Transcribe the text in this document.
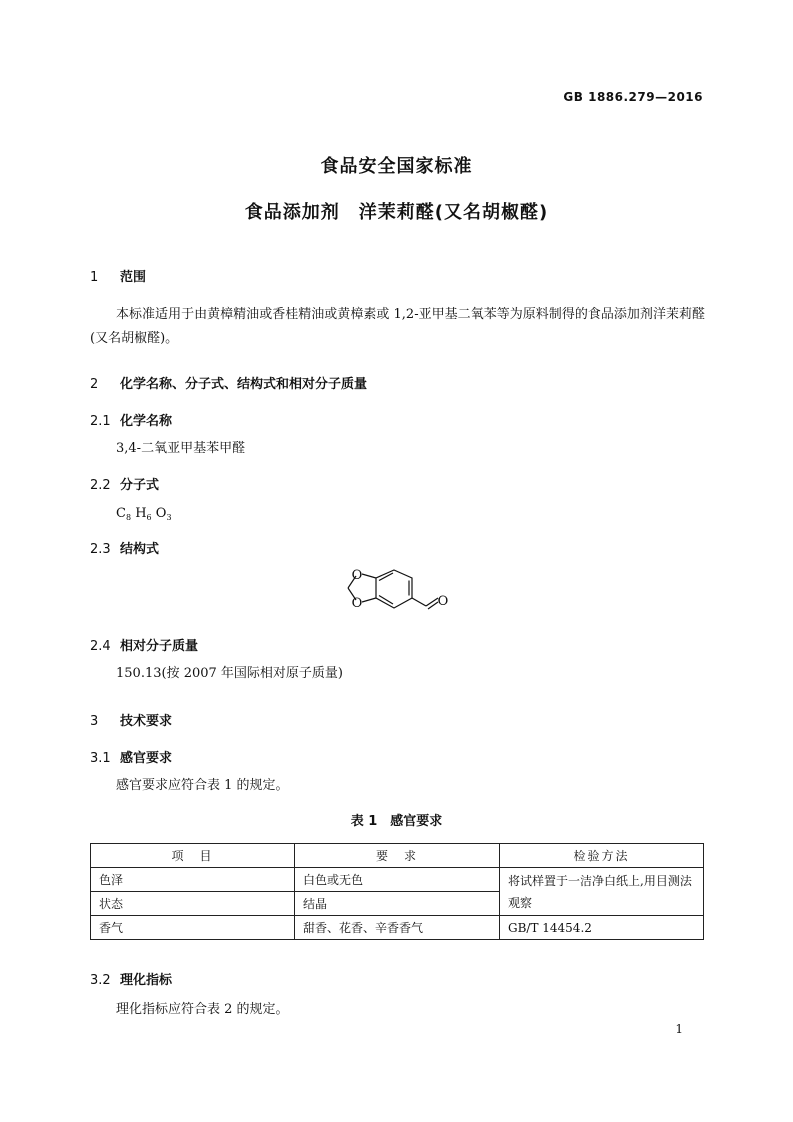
GB 1886.279—2016
食品安全国家标准
食品添加剂　洋茉莉醛(又名胡椒醛)
1 范围
本标准适用于由黄樟精油或香桂精油或黄樟素或 1,2-亚甲基二氧苯等为原料制得的食品添加剂洋茉莉醛(又名胡椒醛)。
2 化学名称、分子式、结构式和相对分子质量
2.1 化学名称
3,4-二氧亚甲基苯甲醛
2.2 分子式
$C_8$ $H_6$ $O_3$
2.3 结构式
O
O	O
2.4 相对分子质量
150.13(按 2007 年国际相对原子质量)
3 技术要求
3.1 感官要求
感官要求应符合表 1 的规定。
表 1　感官要求
项　目	要　求	检验方法
色泽	白色或无色	将试样置于一洁净白纸上,用目测法观察
状态	结晶	
香气	甜香、花香、辛香香气	GB/T 14454.2
3.2 理化指标
理化指标应符合表 2 的规定。
1
